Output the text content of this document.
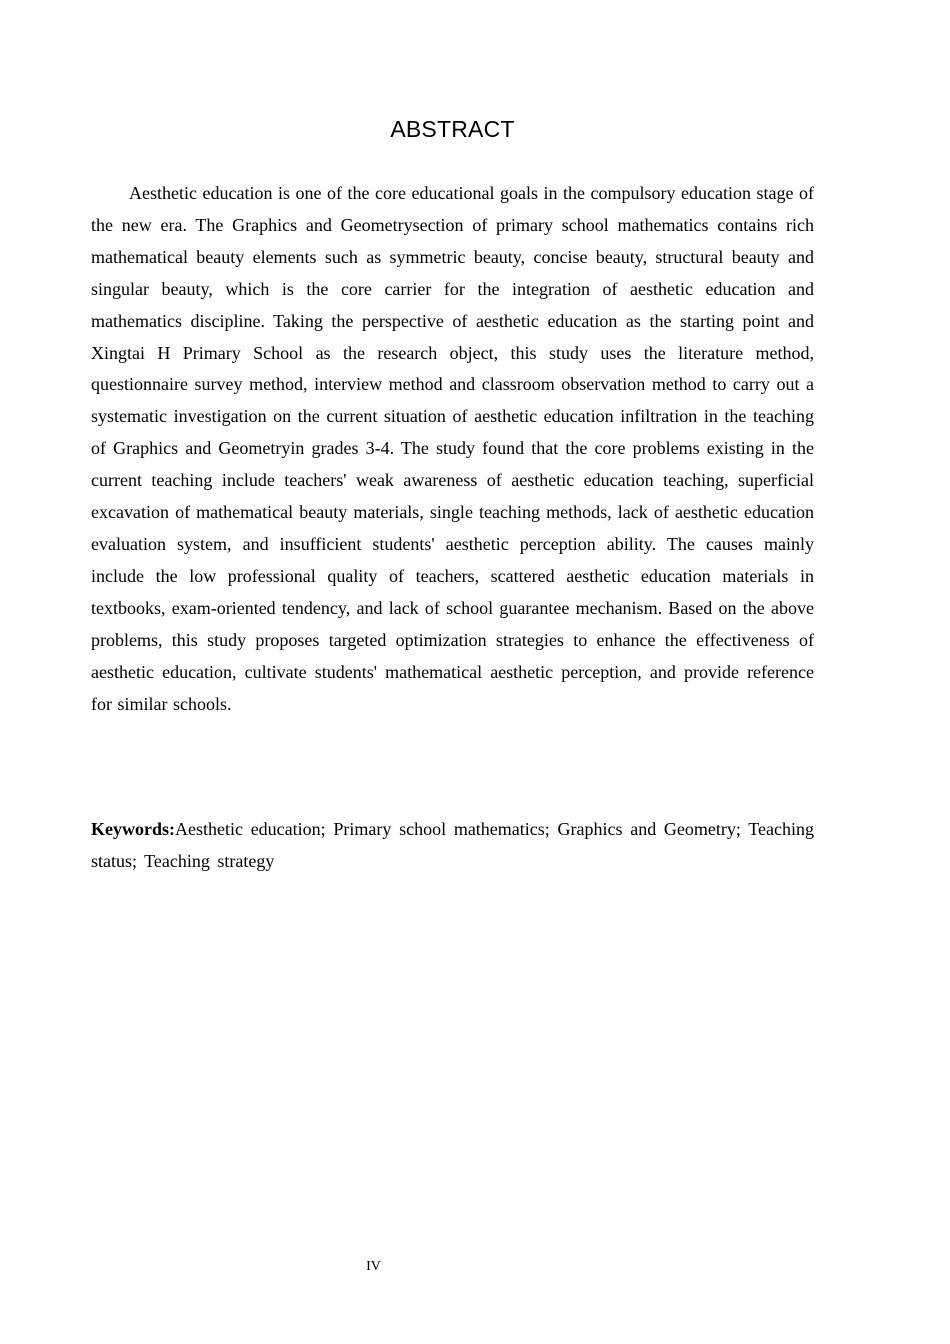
ABSTRACT

Aesthetic education is one of the core educational goals in the compulsory education stage of the new era. The Graphics and Geometrysection of primary school mathematics contains rich mathematical beauty elements such as symmetric beauty, concise beauty, structural beauty and singular beauty, which is the core carrier for the integration of aesthetic education and mathematics discipline. Taking the perspective of aesthetic education as the starting point and Xingtai H Primary School as the research object, this study uses the literature method, questionnaire survey method, interview method and classroom observation method to carry out a systematic investigation on the current situation of aesthetic education infiltration in the teaching of Graphics and Geometryin grades 3-4. The study found that the core problems existing in the current teaching include teachers' weak awareness of aesthetic education teaching, superficial excavation of mathematical beauty materials, single teaching methods, lack of aesthetic education evaluation system, and insufficient students' aesthetic perception ability. The causes mainly include the low professional quality of teachers, scattered aesthetic education materials in textbooks, exam-oriented tendency, and lack of school guarantee mechanism. Based on the above problems, this study proposes targeted optimization strategies to enhance the effectiveness of aesthetic education, cultivate students' mathematical aesthetic perception, and provide reference for similar schools.

Keywords:Aesthetic education; Primary school mathematics; Graphics and Geometry; Teaching status; Teaching strategy

IV
